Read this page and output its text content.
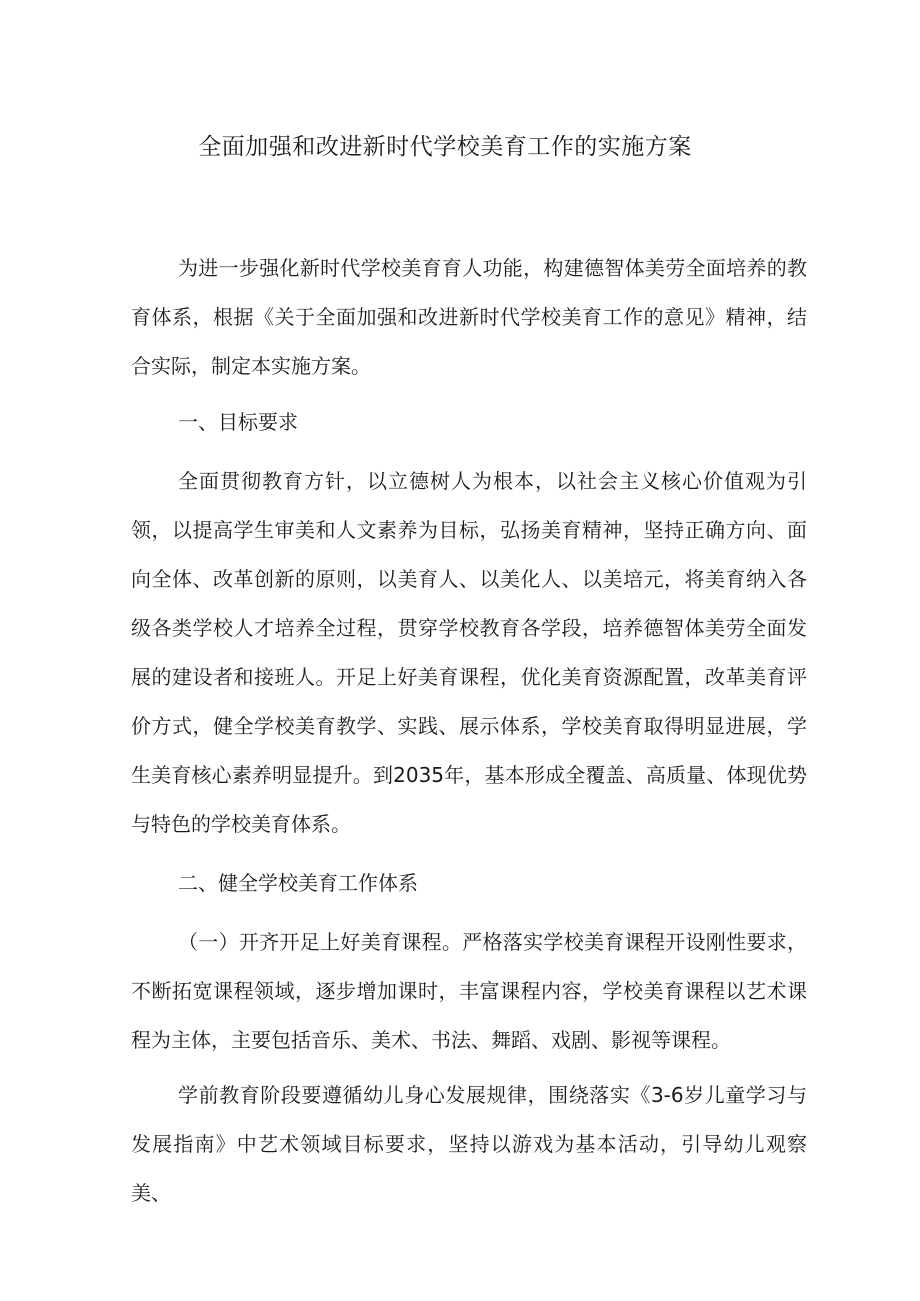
全面加强和改进新时代学校美育工作的实施方案

为进一步强化新时代学校美育育人功能，构建德智体美劳全面培养的教育体系，根据《关于全面加强和改进新时代学校美育工作的意见》精神，结合实际，制定本实施方案。

一、目标要求

全面贯彻教育方针，以立德树人为根本，以社会主义核心价值观为引领，以提高学生审美和人文素养为目标，弘扬美育精神，坚持正确方向、面向全体、改革创新的原则，以美育人、以美化人、以美培元，将美育纳入各级各类学校人才培养全过程，贯穿学校教育各学段，培养德智体美劳全面发展的建设者和接班人。开足上好美育课程，优化美育资源配置，改革美育评价方式，健全学校美育教学、实践、展示体系，学校美育取得明显进展，学生美育核心素养明显提升。到2035年，基本形成全覆盖、高质量、体现优势与特色的学校美育体系。

二、健全学校美育工作体系

（一）开齐开足上好美育课程。严格落实学校美育课程开设刚性要求，不断拓宽课程领域，逐步增加课时，丰富课程内容，学校美育课程以艺术课程为主体，主要包括音乐、美术、书法、舞蹈、戏剧、影视等课程。

学前教育阶段要遵循幼儿身心发展规律，围绕落实《3-6岁儿童学习与发展指南》中艺术领域目标要求，坚持以游戏为基本活动，引导幼儿观察美、
